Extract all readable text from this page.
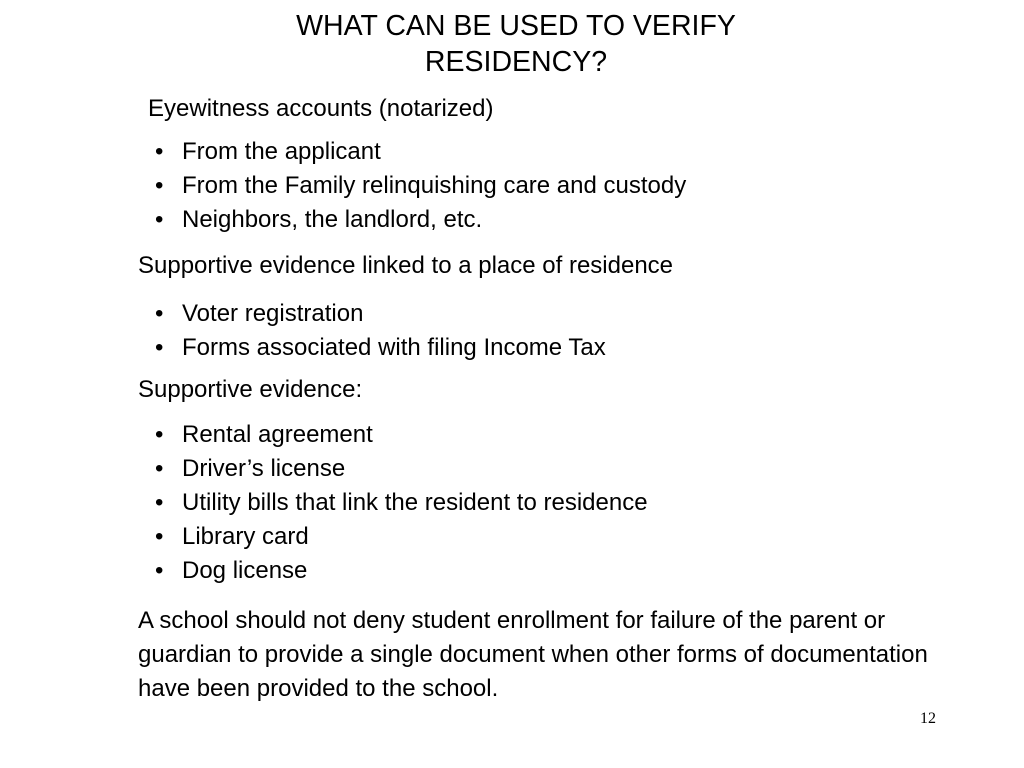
WHAT CAN BE USED TO VERIFY
RESIDENCY?
Eyewitness accounts (notarized)
• From the applicant
• From the Family relinquishing care and custody
• Neighbors, the landlord, etc.
Supportive evidence linked to a place of residence
• Voter registration
• Forms associated with filing Income Tax
Supportive evidence:
• Rental agreement
• Driver’s license
• Utility bills that link the resident to residence
• Library card
• Dog license
A school should not deny student enrollment for failure of the parent or guardian to provide a single document when other forms of documentation have been provided to the school.
12
